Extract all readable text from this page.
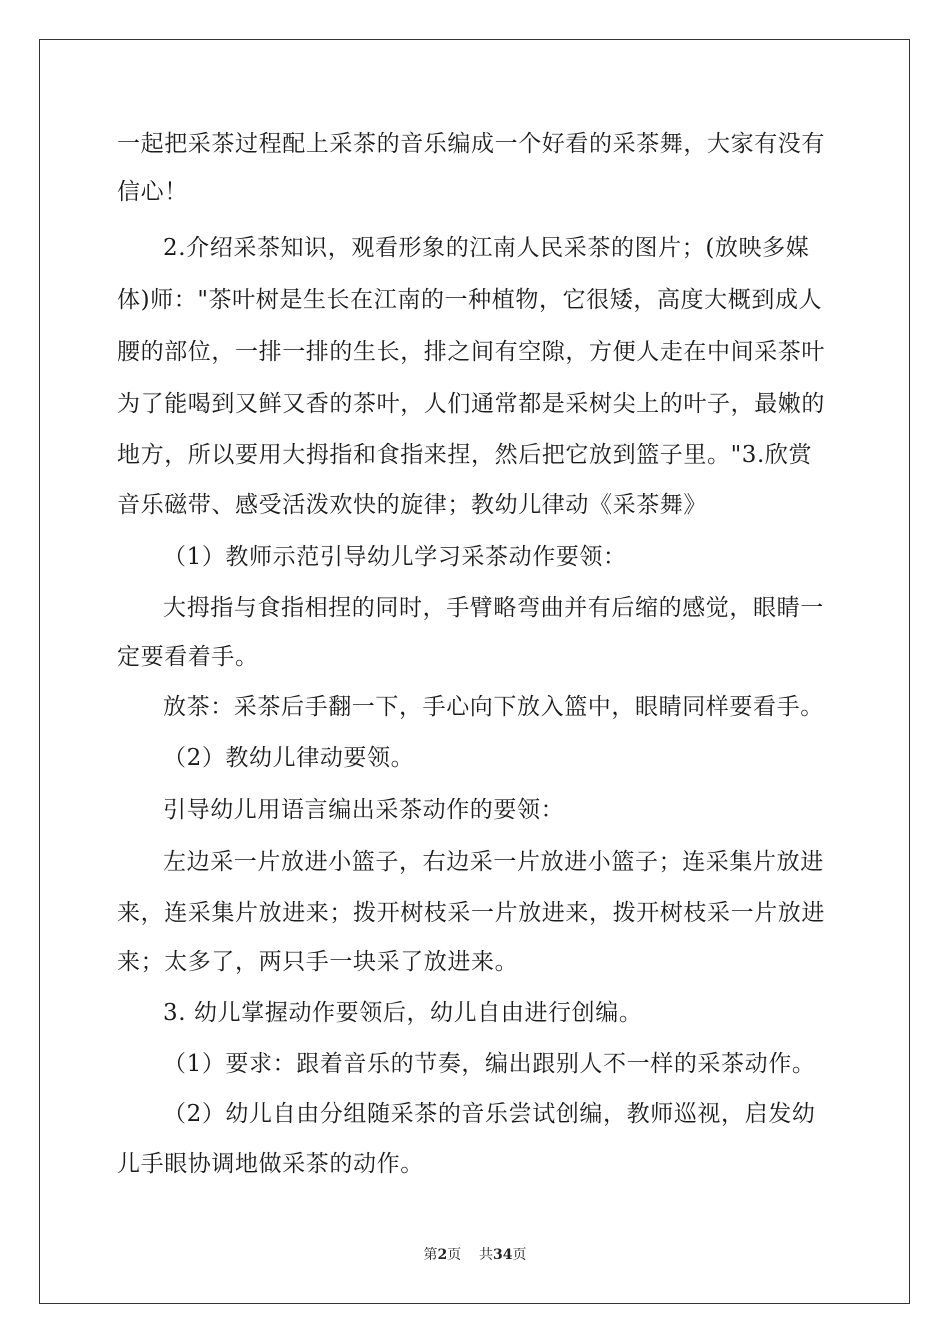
一起把采茶过程配上采茶的音乐编成一个好看的采茶舞，大家有没有
信心！
2.介绍采茶知识，观看形象的江南人民采茶的图片；(放映多媒
体)师："茶叶树是生长在江南的一种植物，它很矮，高度大概到成人
腰的部位，一排一排的生长，排之间有空隙，方便人走在中间采茶叶
为了能喝到又鲜又香的茶叶，人们通常都是采树尖上的叶子，最嫩的
地方，所以要用大拇指和食指来捏，然后把它放到篮子里。"3.欣赏
音乐磁带、感受活泼欢快的旋律；教幼儿律动《采茶舞》
（1）教师示范引导幼儿学习采茶动作要领：
大拇指与食指相捏的同时，手臂略弯曲并有后缩的感觉，眼睛一
定要看着手。
放茶：采茶后手翻一下，手心向下放入篮中，眼睛同样要看手。
（2）教幼儿律动要领。
引导幼儿用语言编出采茶动作的要领：
左边采一片放进小篮子，右边采一片放进小篮子；连采集片放进
来，连采集片放进来；拨开树枝采一片放进来，拨开树枝采一片放进
来；太多了，两只手一块采了放进来。
3. 幼儿掌握动作要领后，幼儿自由进行创编。
（1）要求：跟着音乐的节奏，编出跟别人不一样的采茶动作。
（2）幼儿自由分组随采茶的音乐尝试创编，教师巡视，启发幼
儿手眼协调地做采茶的动作。
第2页 共34页
